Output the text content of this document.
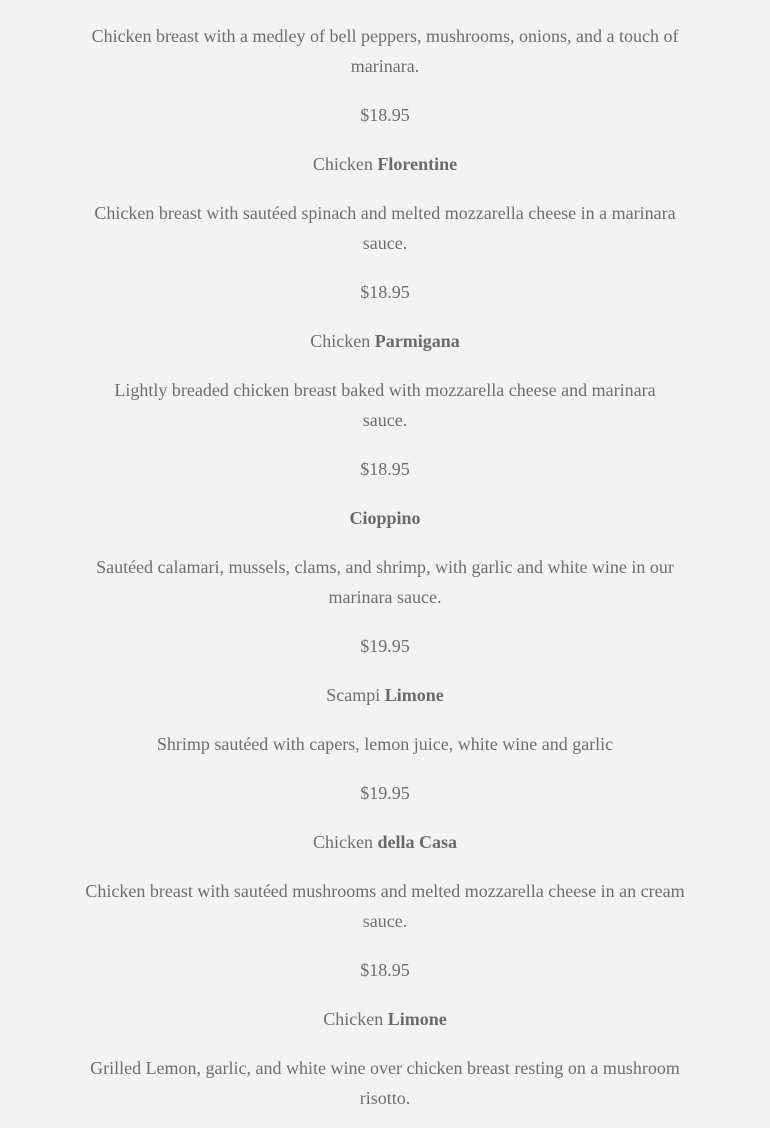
Chicken breast with a medley of bell peppers, mushrooms, onions, and a touch of marinara.

$18.95

Chicken Florentine

Chicken breast with sautéed spinach and melted mozzarella cheese in a marinara sauce.

$18.95

Chicken Parmigana

Lightly breaded chicken breast baked with mozzarella cheese and marinara sauce.

$18.95

Cioppino

Sautéed calamari, mussels, clams, and shrimp, with garlic and white wine in our marinara sauce.

$19.95

Scampi Limone

Shrimp sautéed with capers, lemon juice, white wine and garlic

$19.95

Chicken della Casa

Chicken breast with sautéed mushrooms and melted mozzarella cheese in an cream sauce.

$18.95

Chicken Limone

Grilled Lemon, garlic, and white wine over chicken breast resting on a mushroom risotto.
